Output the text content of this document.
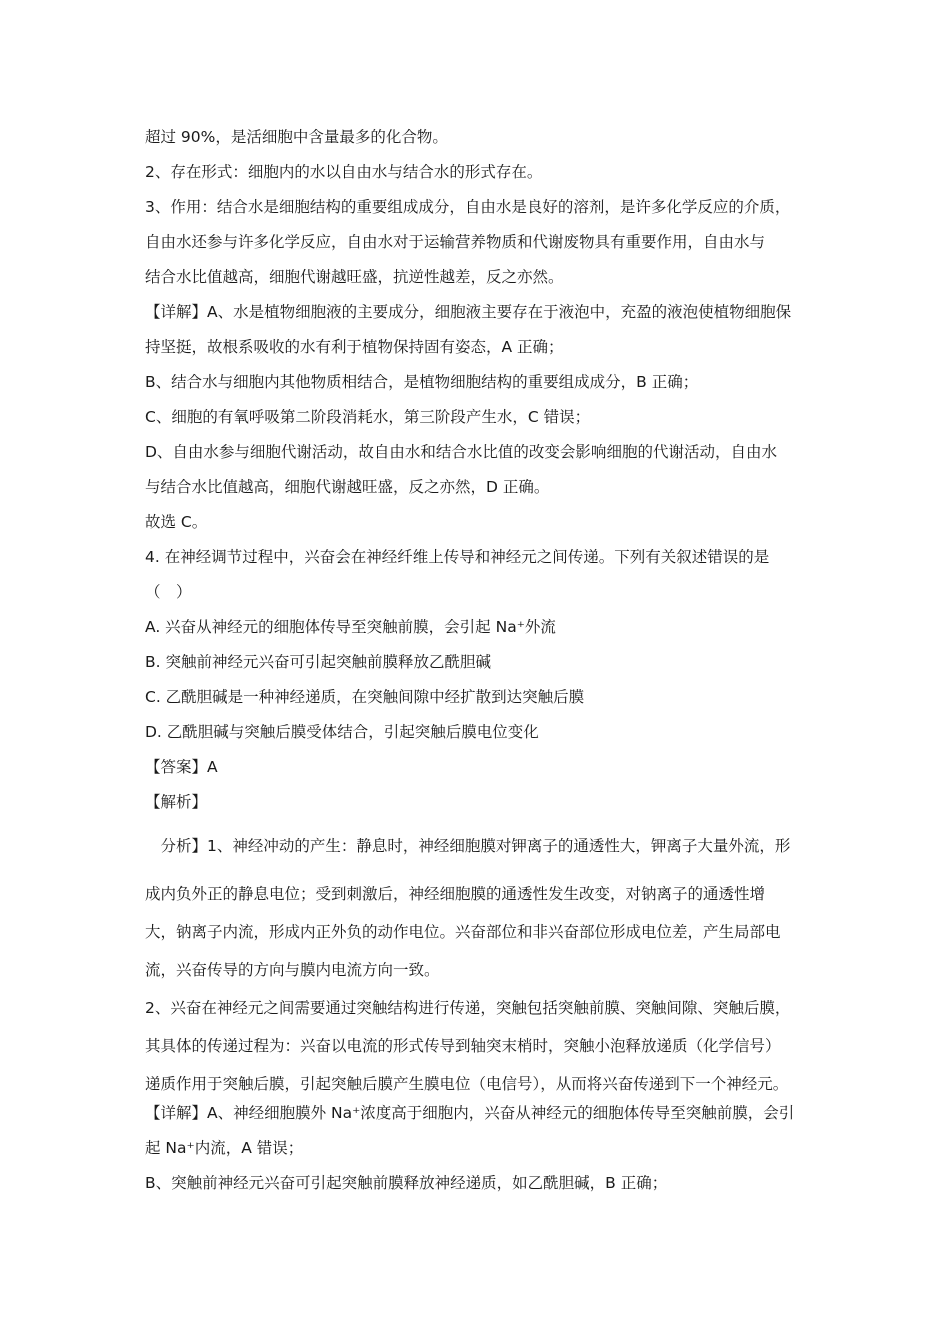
超过 90%，是活细胞中含量最多的化合物。

2、存在形式：细胞内的水以自由水与结合水的形式存在。

3、作用：结合水是细胞结构的重要组成成分，自由水是良好的溶剂，是许多化学反应的介质，

自由水还参与许多化学反应，自由水对于运输营养物质和代谢废物具有重要作用，自由水与

结合水比值越高，细胞代谢越旺盛，抗逆性越差，反之亦然。

【详解】A、水是植物细胞液的主要成分，细胞液主要存在于液泡中，充盈的液泡使植物细胞保

持坚挺，故根系吸收的水有利于植物保持固有姿态，A 正确；

B、结合水与细胞内其他物质相结合，是植物细胞结构的重要组成成分，B 正确；

C、细胞的有氧呼吸第二阶段消耗水，第三阶段产生水，C 错误；

D、自由水参与细胞代谢活动，故自由水和结合水比值的改变会影响细胞的代谢活动，自由水

与结合水比值越高，细胞代谢越旺盛，反之亦然，D 正确。

故选 C。

4. 在神经调节过程中，兴奋会在神经纤维上传导和神经元之间传递。下列有关叙述错误的是

（　）

A. 兴奋从神经元的细胞体传导至突触前膜，会引起 Na⁺外流

B. 突触前神经元兴奋可引起突触前膜释放乙酰胆碱

C. 乙酰胆碱是一种神经递质，在突触间隙中经扩散到达突触后膜

D. 乙酰胆碱与突触后膜受体结合，引起突触后膜电位变化

【答案】A

【解析】

　分析】1、神经冲动的产生：静息时，神经细胞膜对钾离子的通透性大，钾离子大量外流，形

成内负外正的静息电位；受到刺激后，神经细胞膜的通透性发生改变，对钠离子的通透性增

大，钠离子内流，形成内正外负的动作电位。兴奋部位和非兴奋部位形成电位差，产生局部电

流，兴奋传导的方向与膜内电流方向一致。

2、兴奋在神经元之间需要通过突触结构进行传递，突触包括突触前膜、突触间隙、突触后膜，

其具体的传递过程为：兴奋以电流的形式传导到轴突末梢时，突触小泡释放递质（化学信号）

递质作用于突触后膜，引起突触后膜产生膜电位（电信号），从而将兴奋传递到下一个神经元。

【详解】A、神经细胞膜外 Na⁺浓度高于细胞内，兴奋从神经元的细胞体传导至突触前膜，会引

起 Na⁺内流，A 错误；

B、突触前神经元兴奋可引起突触前膜释放神经递质，如乙酰胆碱，B 正确；
